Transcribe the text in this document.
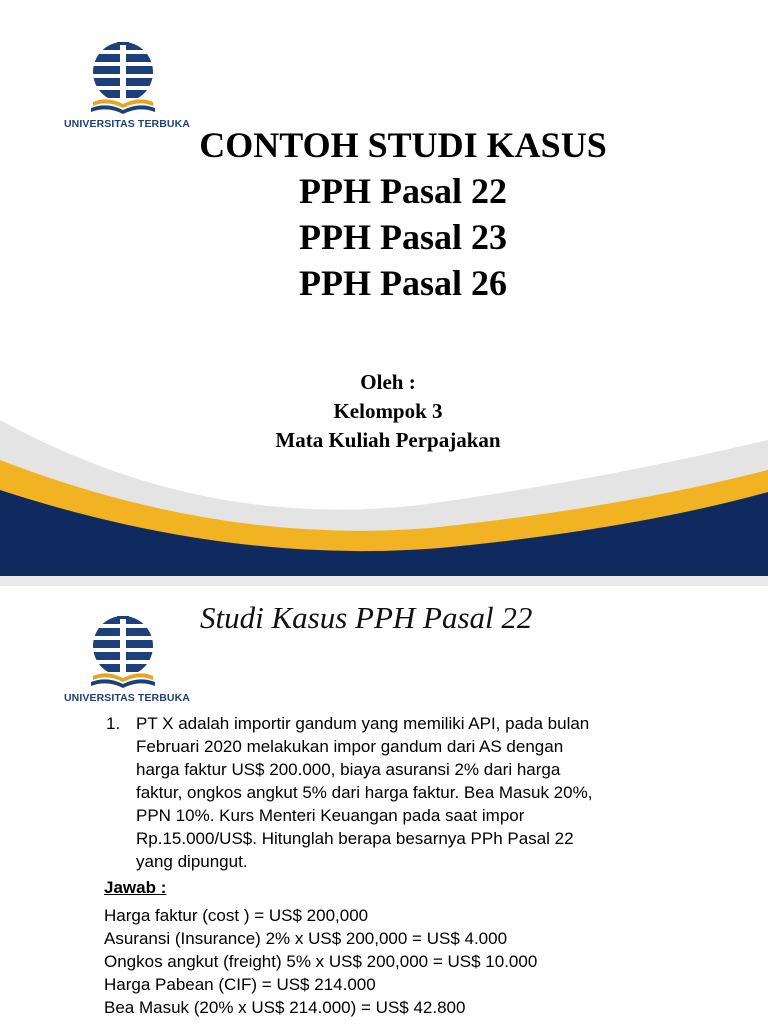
UNIVERSITAS TERBUKA
CONTOH STUDI KASUS
PPH Pasal 22
PPH Pasal 23
PPH Pasal 26
Oleh :
Kelompok 3
Mata Kuliah Perpajakan
UNIVERSITAS TERBUKA
Studi Kasus PPH Pasal 22
1. PT X adalah importir gandum yang memiliki API, pada bulan
Februari 2020 melakukan impor gandum dari AS dengan
harga faktur US$ 200.000, biaya asuransi 2% dari harga
faktur, ongkos angkut 5% dari harga faktur. Bea Masuk 20%,
PPN 10%. Kurs Menteri Keuangan pada saat impor
Rp.15.000/US$. Hitunglah berapa besarnya PPh Pasal 22
yang dipungut.
Jawab :
Harga faktur (cost ) = US$ 200,000
Asuransi (Insurance) 2% x US$ 200,000 = US$ 4.000
Ongkos angkut (freight) 5% x US$ 200,000 = US$ 10.000
Harga Pabean (CIF) = US$ 214.000
Bea Masuk (20% x US$ 214.000) = US$ 42.800
